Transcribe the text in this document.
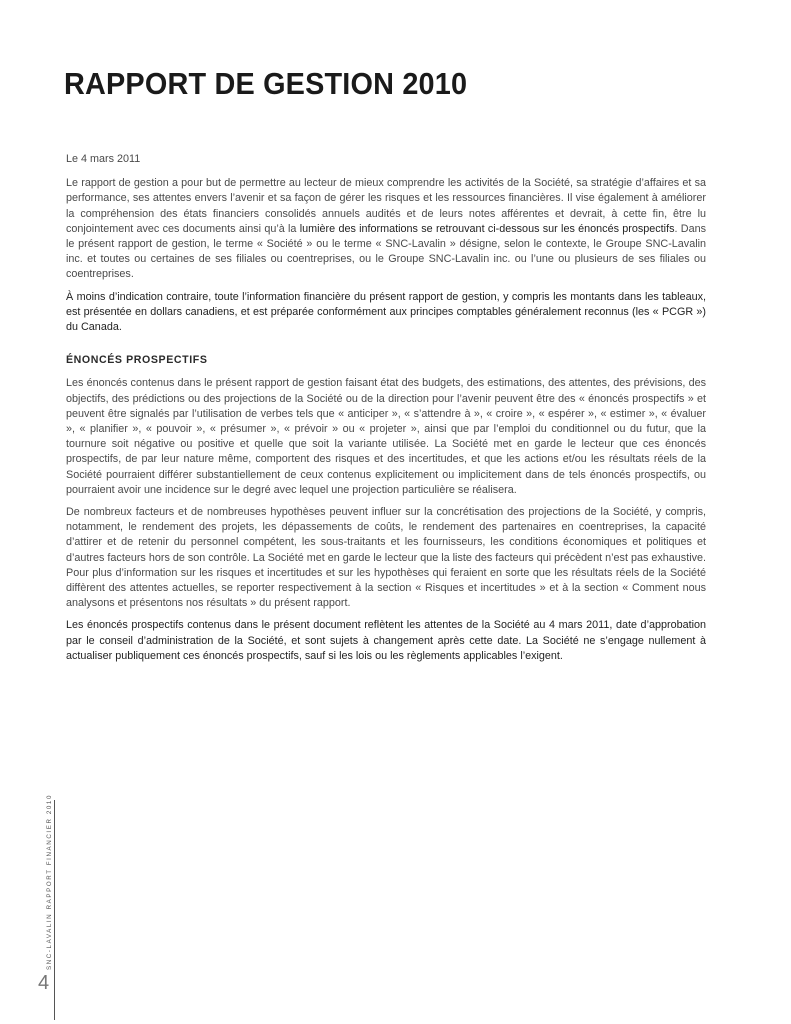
RAPPORT DE GESTION 2010

Le 4 mars 2011

Le rapport de gestion a pour but de permettre au lecteur de mieux comprendre les activités de la Société, sa stratégie d’affaires et sa performance, ses attentes envers l’avenir et sa façon de gérer les risques et les ressources financières. Il vise également à améliorer la compréhension des états financiers consolidés annuels audités et de leurs notes afférentes et devrait, à cette fin, être lu conjointement avec ces documents ainsi qu’à la lumière des informations se retrouvant ci-dessous sur les énoncés prospectifs. Dans le présent rapport de gestion, le terme « Société » ou le terme « SNC-Lavalin » désigne, selon le contexte, le Groupe SNC-Lavalin inc. et toutes ou certaines de ses filiales ou coentreprises, ou le Groupe SNC-Lavalin inc. ou l’une ou plusieurs de ses filiales ou coentreprises.

À moins d’indication contraire, toute l’information financière du présent rapport de gestion, y compris les montants dans les tableaux, est présentée en dollars canadiens, et est préparée conformément aux principes comptables généralement reconnus (les « PCGR ») du Canada.

ÉNONCÉS PROSPECTIFS

Les énoncés contenus dans le présent rapport de gestion faisant état des budgets, des estimations, des attentes, des prévisions, des objectifs, des prédictions ou des projections de la Société ou de la direction pour l’avenir peuvent être des « énoncés prospectifs » et peuvent être signalés par l’utilisation de verbes tels que « anticiper », « s’attendre à », « croire », « espérer », « estimer », « évaluer », « planifier », « pouvoir », « présumer », « prévoir » ou « projeter », ainsi que par l’emploi du conditionnel ou du futur, que la tournure soit négative ou positive et quelle que soit la variante utilisée. La Société met en garde le lecteur que ces énoncés prospectifs, de par leur nature même, comportent des risques et des incertitudes, et que les actions et/ou les résultats réels de la Société pourraient différer substantiellement de ceux contenus explicitement ou implicitement dans de tels énoncés prospectifs, ou pourraient avoir une incidence sur le degré avec lequel une projection particulière se réalisera.

De nombreux facteurs et de nombreuses hypothèses peuvent influer sur la concrétisation des projections de la Société, y compris, notamment, le rendement des projets, les dépassements de coûts, le rendement des partenaires en coentreprises, la capacité d’attirer et de retenir du personnel compétent, les sous-traitants et les fournisseurs, les conditions économiques et politiques et d’autres facteurs hors de son contrôle. La Société met en garde le lecteur que la liste des facteurs qui précèdent n’est pas exhaustive. Pour plus d’information sur les risques et incertitudes et sur les hypothèses qui feraient en sorte que les résultats réels de la Société diffèrent des attentes actuelles, se reporter respectivement à la section « Risques et incertitudes » et à la section « Comment nous analysons et présentons nos résultats » du présent rapport.

Les énoncés prospectifs contenus dans le présent document reflètent les attentes de la Société au 4 mars 2011, date d’approbation par le conseil d’administration de la Société, et sont sujets à changement après cette date. La Société ne s’engage nullement à actualiser publiquement ces énoncés prospectifs, sauf si les lois ou les règlements applicables l’exigent.

SNC-LAVALIN RAPPORT FINANCIER 2010
4
